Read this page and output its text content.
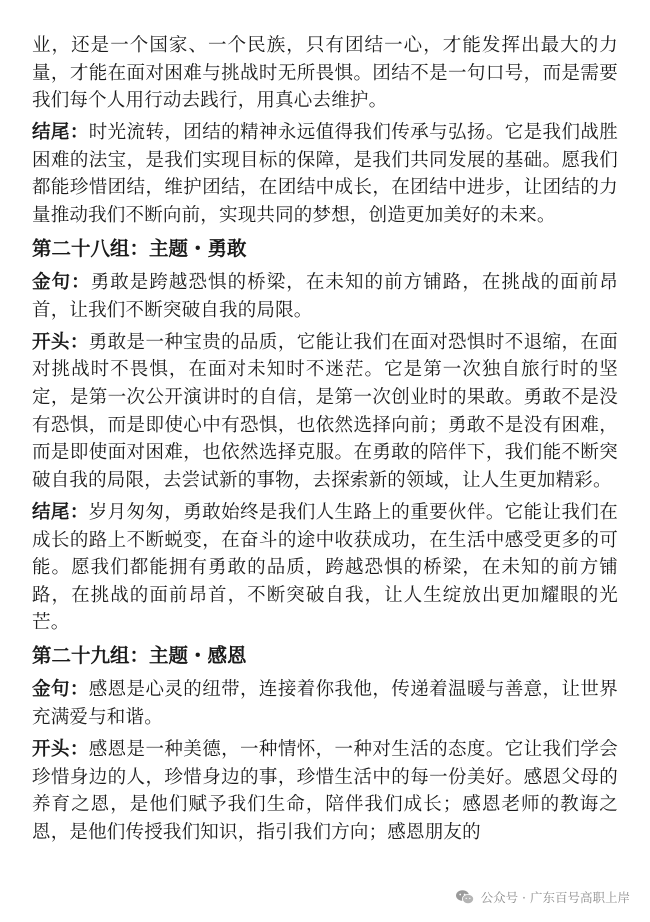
业，还是一个国家、一个民族，只有团结一心，才能发挥出最大的力量，才能在面对困难与挑战时无所畏惧。团结不是一句口号，而是需要我们每个人用行动去践行，用真心去维护。

结尾：时光流转，团结的精神永远值得我们传承与弘扬。它是我们战胜困难的法宝，是我们实现目标的保障，是我们共同发展的基础。愿我们都能珍惜团结，维护团结，在团结中成长，在团结中进步，让团结的力量推动我们不断向前，实现共同的梦想，创造更加美好的未来。

第二十八组：主题・勇敢

金句：勇敢是跨越恐惧的桥梁，在未知的前方铺路，在挑战的面前昂首，让我们不断突破自我的局限。

开头：勇敢是一种宝贵的品质，它能让我们在面对恐惧时不退缩，在面对挑战时不畏惧，在面对未知时不迷茫。它是第一次独自旅行时的坚定，是第一次公开演讲时的自信，是第一次创业时的果敢。勇敢不是没有恐惧，而是即使心中有恐惧，也依然选择向前；勇敢不是没有困难，而是即使面对困难，也依然选择克服。在勇敢的陪伴下，我们能不断突破自我的局限，去尝试新的事物，去探索新的领域，让人生更加精彩。

结尾：岁月匆匆，勇敢始终是我们人生路上的重要伙伴。它能让我们在成长的路上不断蜕变，在奋斗的途中收获成功，在生活中感受更多的可能。愿我们都能拥有勇敢的品质，跨越恐惧的桥梁，在未知的前方铺路，在挑战的面前昂首，不断突破自我，让人生绽放出更加耀眼的光芒。

第二十九组：主题・感恩

金句：感恩是心灵的纽带，连接着你我他，传递着温暖与善意，让世界充满爱与和谐。

开头：感恩是一种美德，一种情怀，一种对生活的态度。它让我们学会珍惜身边的人，珍惜身边的事，珍惜生活中的每一份美好。感恩父母的养育之恩，是他们赋予我们生命，陪伴我们成长；感恩老师的教诲之恩，是他们传授我们知识，指引我们方向；感恩朋友的

公众号 · 广东百号高职上岸
